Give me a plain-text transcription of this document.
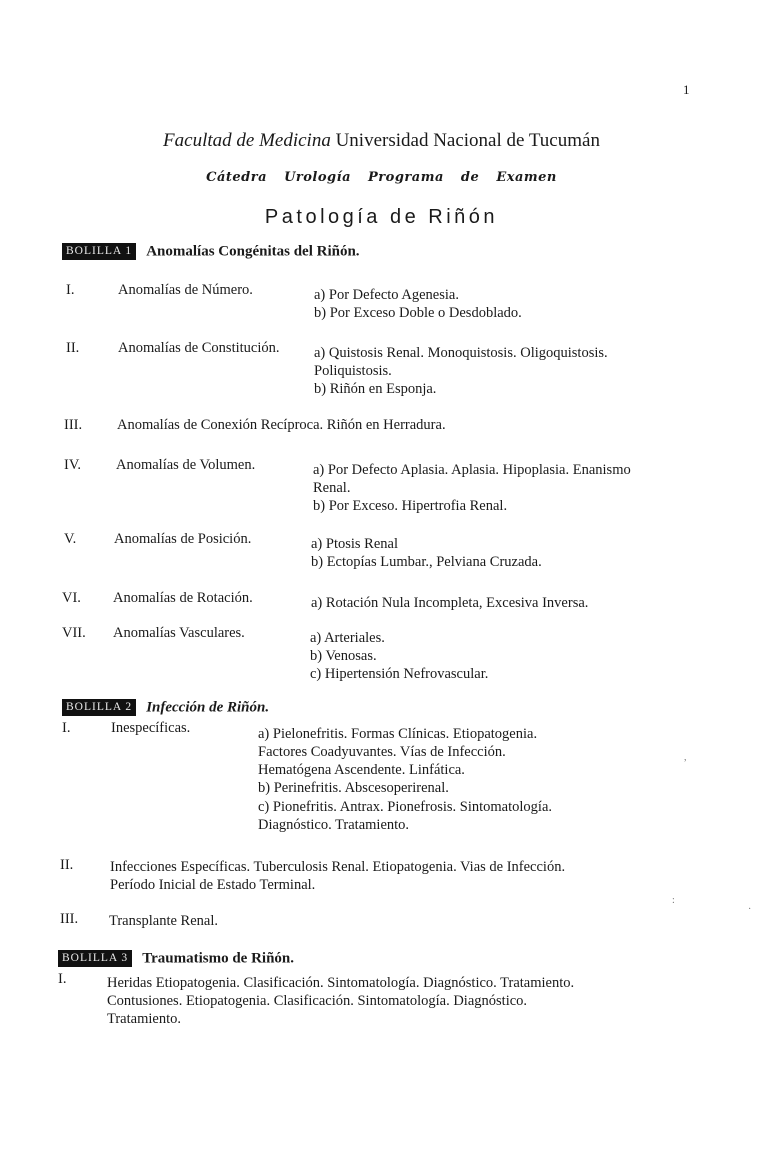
1
Facultad de Medicina Universidad Nacional de Tucumán
Cátedra Urología Programa de Examen
Patología de Riñón
BOLILLA 1 Anomalías Congénitas del Riñón.
I.	Anomalías de Número.	a) Por Defecto Agenesia.
b) Por Exceso Doble o Desdoblado.
II.	Anomalías de Constitución. a) Quistosis Renal. Monoquistosis. Oligoquistosis.
Poliquistosis.
b) Riñón en Esponja.
III. Anomalías de Conexión Recíproca. Riñón en Herradura.
IV. Anomalías de Volumen.	a) Por Defecto Aplasia. Aplasia. Hipoplasia. Enanismo
Renal.
b) Por Exceso. Hipertrofia Renal.
V.	Anomalías de Posición.	a) Ptosis Renal
b) Ectopías Lumbar., Pelviana Cruzada.
VI. Anomalías de Rotación.	a) Rotación Nula Incompleta, Excesiva Inversa.
VII. Anomalías Vasculares.	a) Arteriales.
b) Venosas.
c) Hipertensión Nefrovascular.
BOLILLA 2 Infección de Riñón.
I.	Inespecíficas.	a) Pielonefritis. Formas Clínicas. Etiopatogenia.
Factores Coadyuvantes. Vías de Infección.
Hematógena Ascendente. Linfática.
b) Perinefritis. Abscesoperirenal.
c) Pionefritis. Antrax. Pionefrosis. Sintomatología.
Diagnóstico. Tratamiento.
II.	Infecciones Específicas. Tuberculosis Renal. Etiopatogenia. Vias de Infección.
Período Inicial de Estado Terminal.
III. Transplante Renal.
BOLILLA 3 Traumatismo de Riñón.
I.	Heridas Etiopatogenia. Clasificación. Sintomatología. Diagnóstico. Tratamiento.
Contusiones. Etiopatogenia. Clasificación. Sintomatología. Diagnóstico.
Tratamiento.
,
:
·
